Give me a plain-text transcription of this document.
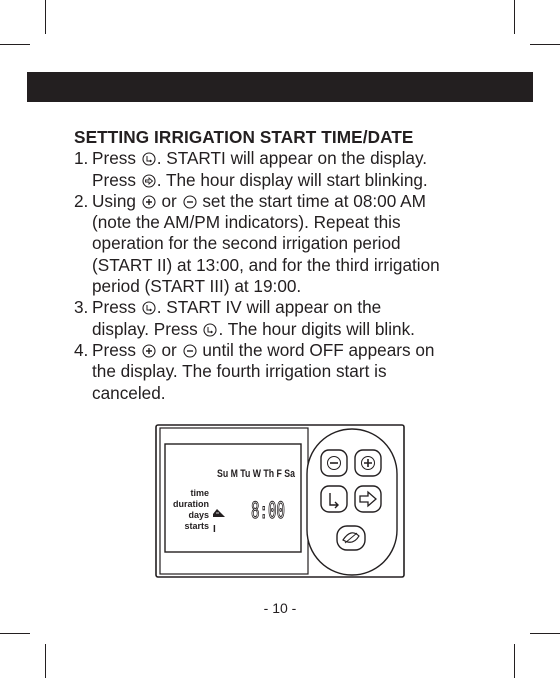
SETTING IRRIGATION START TIME/DATE
1. Press . STARTI will appear on the display.

Press . The hour display will start blinking.

2. Using  or  set the start time at 08:00 AM

(note the AM/PM indicators). Repeat this

operation for the second irrigation period

(START II) at 13:00, and for the third irrigation

period (START III) at 19:00.

3. Press . START IV will appear on the

display. Press . The hour digits will blink.

4. Press  or  until the word OFF appears on

the display. The fourth irrigation start is

canceled.

Su M Tu W Th F Sa
time
duration
days
starts I
8:00
- 10 -
